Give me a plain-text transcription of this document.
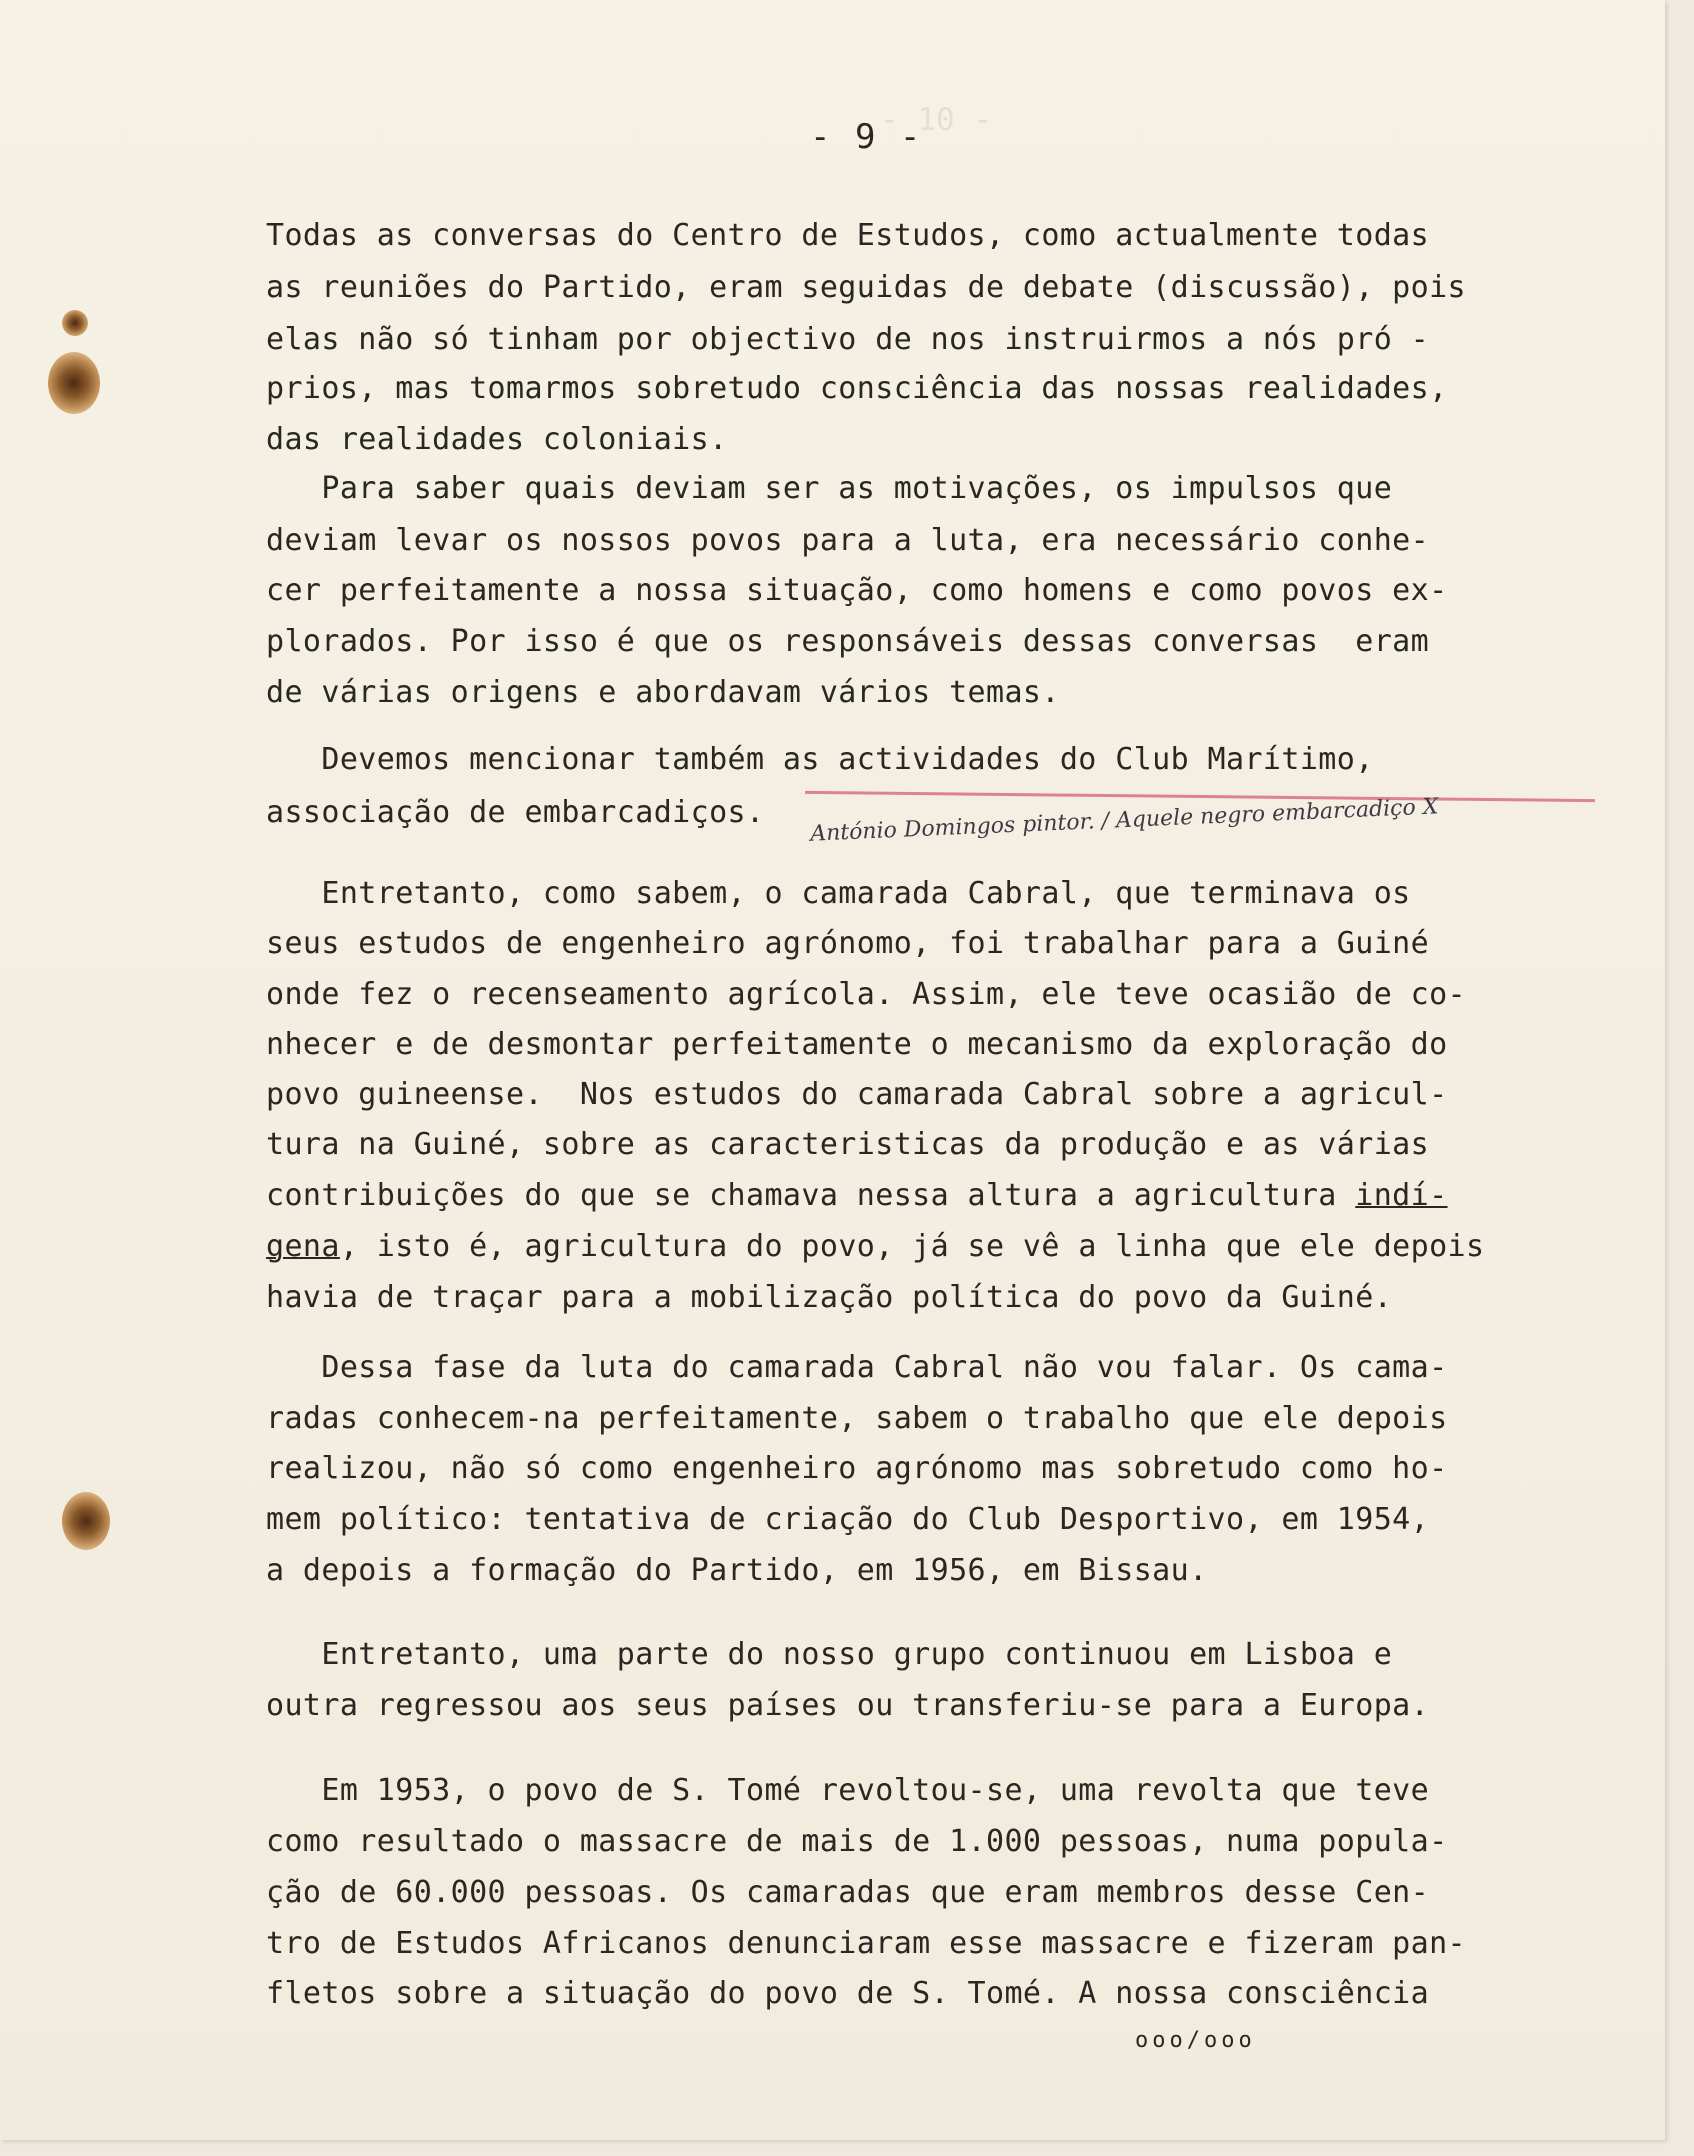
- 10 -
- 9 -
Todas as conversas do Centro de Estudos, como actualmente todas
as reuniões do Partido, eram seguidas de debate (discussão), pois
elas não só tinham por objectivo de nos instruirmos a nós pró -
prios, mas tomarmos sobretudo consciência das nossas realidades,
das realidades coloniais.
Para saber quais deviam ser as motivações, os impulsos que
deviam levar os nossos povos para a luta, era necessário conhe-
cer perfeitamente a nossa situação, como homens e como povos ex-
plorados. Por isso é que os responsáveis dessas conversas  eram
de várias origens e abordavam vários temas.
Devemos mencionar também as actividades do Club Marítimo,
associação de embarcadiços. António Domingos pintor. / Aquele negro embarcadiço X
Entretanto, como sabem, o camarada Cabral, que terminava os
seus estudos de engenheiro agrónomo, foi trabalhar para a Guiné
onde fez o recenseamento agrícola. Assim, ele teve ocasião de co-
nhecer e de desmontar perfeitamente o mecanismo da exploração do
povo guineense.  Nos estudos do camarada Cabral sobre a agricul-
tura na Guiné, sobre as caracteristicas da produção e as várias
contribuições do que se chamava nessa altura a agricultura indí-
gena, isto é, agricultura do povo, já se vê a linha que ele depois
havia de traçar para a mobilização política do povo da Guiné.
Dessa fase da luta do camarada Cabral não vou falar. Os cama-
radas conhecem-na perfeitamente, sabem o trabalho que ele depois
realizou, não só como engenheiro agrónomo mas sobretudo como ho-
mem político: tentativa de criação do Club Desportivo, em 1954,
a depois a formação do Partido, em 1956, em Bissau.
Entretanto, uma parte do nosso grupo continuou em Lisboa e
outra regressou aos seus países ou transferiu-se para a Europa.
Em 1953, o povo de S. Tomé revoltou-se, uma revolta que teve
como resultado o massacre de mais de 1.000 pessoas, numa popula-
ção de 60.000 pessoas. Os camaradas que eram membros desse Cen-
tro de Estudos Africanos denunciaram esse massacre e fizeram pan-
fletos sobre a situação do povo de S. Tomé. A nossa consciência
ooo/ooo
